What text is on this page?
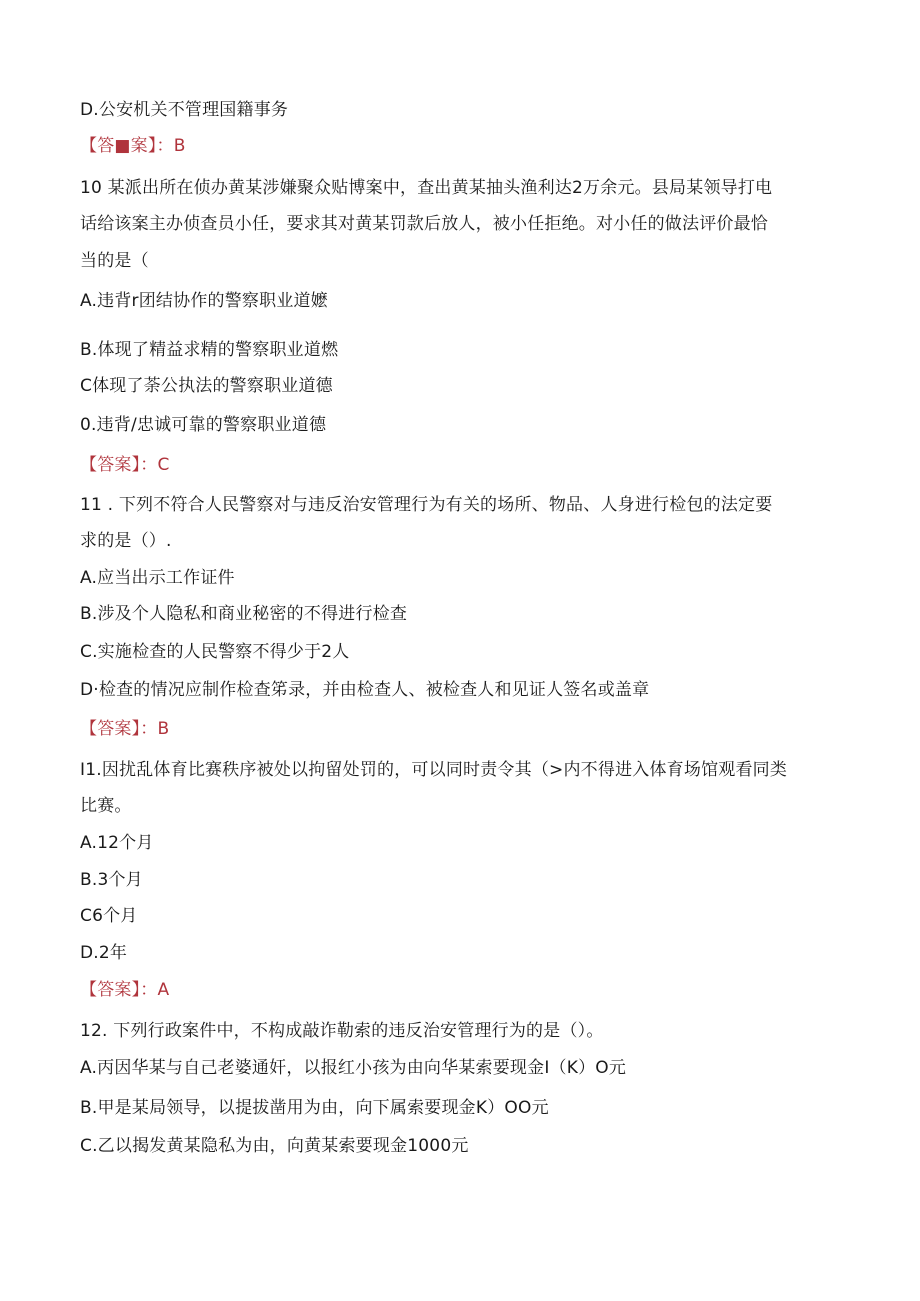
D.公安机关不管理国籍事务
【答■案】：B
10 某派出所在侦办黄某涉嫌聚众贴博案中，查出黄某抽头渔利达2万余元。县局某领导打电
话给该案主办侦查员小任，要求其对黄某罚款后放人，被小任拒绝。对小任的做法评价最恰
当的是（
A.违背r团结协作的警察职业道嬷
B.体现了精益求精的警察职业道燃
C体现了荼公执法的警察职业道德
0.违背/忠诚可靠的警察职业道德
【答案】：C
11 . 下列不符合人民警察对与违反治安管理行为有关的场所、物品、人身进行检包的法定要
求的是（）.
A.应当出示工作证件
B.涉及个人隐私和商业秘密的不得进行检查
C.实施检查的人民警察不得少于2人
D·检查的情况应制作检查笫录，并由检查人、被检查人和见证人签名或盖章
【答案】：B
I1.因扰乱体育比赛秩序被处以拘留处罚的，可以同时责令其（>内不得进入体育场馆观看同类
比赛。
A.12个月
B.3个月
C6个月
D.2年
【答案】：A
12. 下列行政案件中，不构成敲诈勒索的违反治安管理行为的是（）。
A.丙因华某与自己老婆通奸，以报红小孩为由向华某索要现金I（K）O元
B.甲是某局领导，以提拔凿用为由，向下属索要现金K）OO元
C.乙以揭发黄某隐私为由，向黄某索要现金1000元
